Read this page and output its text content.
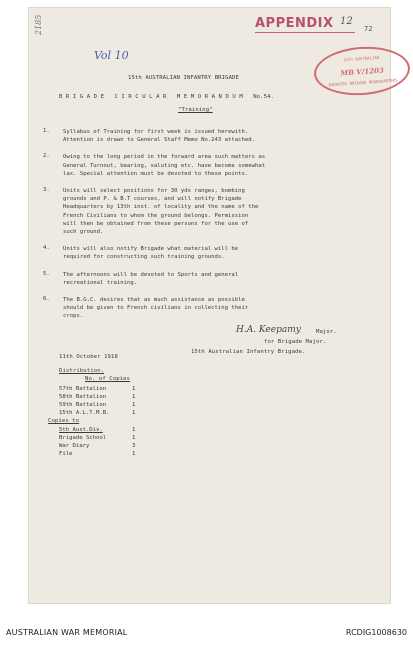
2185	APPENDIX 12
72
Vol 10	15th AUSTRALIAN
MB V/1203
INFANTRY BRIGADE HEADQUARTERS
15th AUSTRALIAN INFANTRY BRIGADE
B R I G A D E   C I R C U L A R   M E M O R A N D U M   No.54.
"Training"
1. Syllabus of Training for first week is issued herewith.
Attention is drawn to General Staff Memo No.243 attached.
2. Owing to the long period in the forward area such matters as
General Turnout, bearing, saluting etc. have become somewhat
lax. Special attention must be devoted to these points.
3. Units will select positions for 30 yds ranges, bombing
grounds and P. & B.T courses, and will notify Brigade
Headquarters by 13th inst. of locality and the name of the
French Civilians to whom the ground belongs. Permission
will then be obtained from these persons for the use of
such ground.
4. Units will also notify Brigade what material will be
required for constructing such training grounds.
5. The afternoons will be devoted to Sports and general
recreational training.
6. The B.G.C. desires that as much assistance as possible
should be given to French civilians in collecting their
crops.
H.A. Keepamy	Major.
for Brigade Major.
15th Australian Infantry Brigade.
11th October 1918
Distribution.
No. of Copies
57th Battalion	1
58th Battalion	1
59th Battalion	1
15th A.L.T.M.B.	1
Copies to
5th Aust.Div.	1
Brigade School	1
War Diary	3
File	1
AUSTRALIAN WAR MEMORIAL	RCDIG1008630
